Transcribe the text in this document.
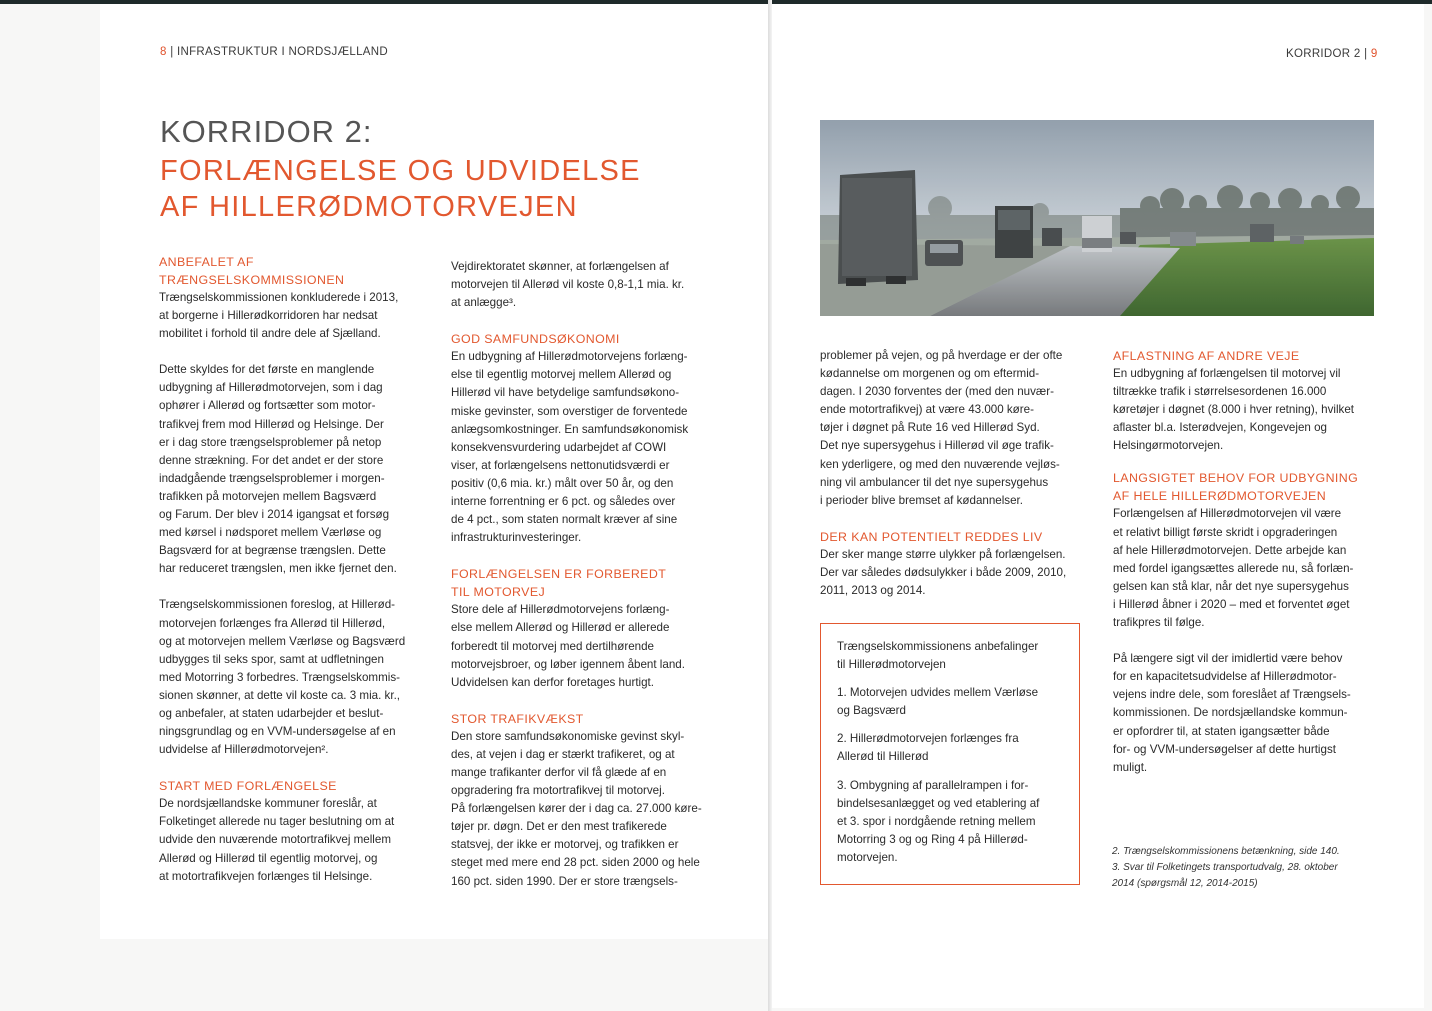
8 | INFRASTRUKTUR I NORDSJÆLLAND
KORRIDOR 2:
FORLÆNGELSE OG UDVIDELSE
AF HILLERØDMOTORVEJEN
ANBEFALET AF
TRÆNGSELSKOMMISSIONEN

Trængselskommissionen konkluderede i 2013,
at borgerne i Hillerødkorridoren har nedsat
mobilitet i forhold til andre dele af Sjælland.

Dette skyldes for det første en manglende
udbygning af Hillerødmotorvejen, som i dag
ophører i Allerød og fortsætter som motor-
trafikvej frem mod Hillerød og Helsinge. Der
er i dag store trængselsproblemer på netop
denne strækning. For det andet er der store
indadgående trængselsproblemer i morgen-
trafikken på motorvejen mellem Bagsværd
og Farum. Der blev i 2014 igangsat et forsøg
med kørsel i nødsporet mellem Værløse og
Bagsværd for at begrænse trængslen. Dette
har reduceret trængslen, men ikke fjernet den.

Trængselskommissionen foreslog, at Hillerød-
motorvejen forlænges fra Allerød til Hillerød,
og at motorvejen mellem Værløse og Bagsværd
udbygges til seks spor, samt at udfletningen
med Motorring 3 forbedres. Trængselskommis-
sionen skønner, at dette vil koste ca. 3 mia. kr.,
og anbefaler, at staten udarbejder et beslut-
ningsgrundlag og en VVM-undersøgelse af en
udvidelse af Hillerødmotorvejen².

START MED FORLÆNGELSE

De nordsjællandske kommuner foreslår, at
Folketinget allerede nu tager beslutning om at
udvide den nuværende motortrafikvej mellem
Allerød og Hillerød til egentlig motorvej, og
at motortrafikvejen forlænges til Helsinge.

Vejdirektoratet skønner, at forlængelsen af
motorvejen til Allerød vil koste 0,8-1,1 mia. kr.
at anlægge³.

GOD SAMFUNDSØKONOMI

En udbygning af Hillerødmotorvejens forlæng-
else til egentlig motorvej mellem Allerød og
Hillerød vil have betydelige samfundsøkono-
miske gevinster, som overstiger de forventede
anlægsomkostninger. En samfundsøkonomisk
konsekvensvurdering udarbejdet af COWI
viser, at forlængelsens nettonutidsværdi er
positiv (0,6 mia. kr.) målt over 50 år, og den
interne forrentning er 6 pct. og således over
de 4 pct., som staten normalt kræver af sine
infrastrukturinvesteringer.

FORLÆNGELSEN ER FORBEREDT
TIL MOTORVEJ

Store dele af Hillerødmotorvejens forlæng-
else mellem Allerød og Hillerød er allerede
forberedt til motorvej med dertilhørende
motorvejsbroer, og løber igennem åbent land.
Udvidelsen kan derfor foretages hurtigt.

STOR TRAFIKVÆKST

Den store samfundsøkonomiske gevinst skyl-
des, at vejen i dag er stærkt trafikeret, og at
mange trafikanter derfor vil få glæde af en
opgradering fra motortrafikvej til motorvej.
På forlængelsen kører der i dag ca. 27.000 køre-
tøjer pr. døgn. Det er den mest trafikerede
statsvej, der ikke er motorvej, og trafikken er
steget med mere end 28 pct. siden 2000 og hele
160 pct. siden 1990. Der er store trængsels-

KORRIDOR 2 | 9

problemer på vejen, og på hverdage er der ofte
kødannelse om morgenen og om eftermid-
dagen. I 2030 forventes der (med den nuvær-
ende motortrafikvej) at være 43.000 køre-
tøjer i døgnet på Rute 16 ved Hillerød Syd.
Det nye supersygehus i Hillerød vil øge trafik-
ken yderligere, og med den nuværende vejløs-
ning vil ambulancer til det nye supersygehus
i perioder blive bremset af kødannelser.

DER KAN POTENTIELT REDDES LIV

Der sker mange større ulykker på forlængelsen.
Der var således dødsulykker i både 2009, 2010,
2011, 2013 og 2014.

Trængselskommissionens anbefalinger
til Hillerødmotorvejen

1. Motorvejen udvides mellem Værløse
og Bagsværd

2. Hillerødmotorvejen forlænges fra
Allerød til Hillerød

3. Ombygning af parallelrampen i for-
bindelsesanlægget og ved etablering af
et 3. spor i nordgående retning mellem
Motorring 3 og og Ring 4 på Hillerød-
motorvejen.

AFLASTNING AF ANDRE VEJE

En udbygning af forlængelsen til motorvej vil
tiltrække trafik i størrelsesordenen 16.000
køretøjer i døgnet (8.000 i hver retning), hvilket
aflaster bl.a. Isterødvejen, Kongevejen og
Helsingørmotorvejen.

LANGSIGTET BEHOV FOR UDBYGNING
AF HELE HILLERØDMOTORVEJEN

Forlængelsen af Hillerødmotorvejen vil være
et relativt billigt første skridt i opgraderingen
af hele Hillerødmotorvejen. Dette arbejde kan
med fordel igangsættes allerede nu, så forlæn-
gelsen kan stå klar, når det nye supersygehus
i Hillerød åbner i 2020 – med et forventet øget
trafikpres til følge.

På længere sigt vil der imidlertid være behov
for en kapacitetsudvidelse af Hillerødmotor-
vejens indre dele, som foreslået af Trængsels-
kommissionen. De nordsjællandske kommun-
er opfordrer til, at staten igangsætter både
for- og VVM-undersøgelser af dette hurtigst
muligt.

2. Trængselskommissionens betænkning, side 140.

3. Svar til Folketingets transportudvalg, 28. oktober
2014 (spørgsmål 12, 2014-2015)
